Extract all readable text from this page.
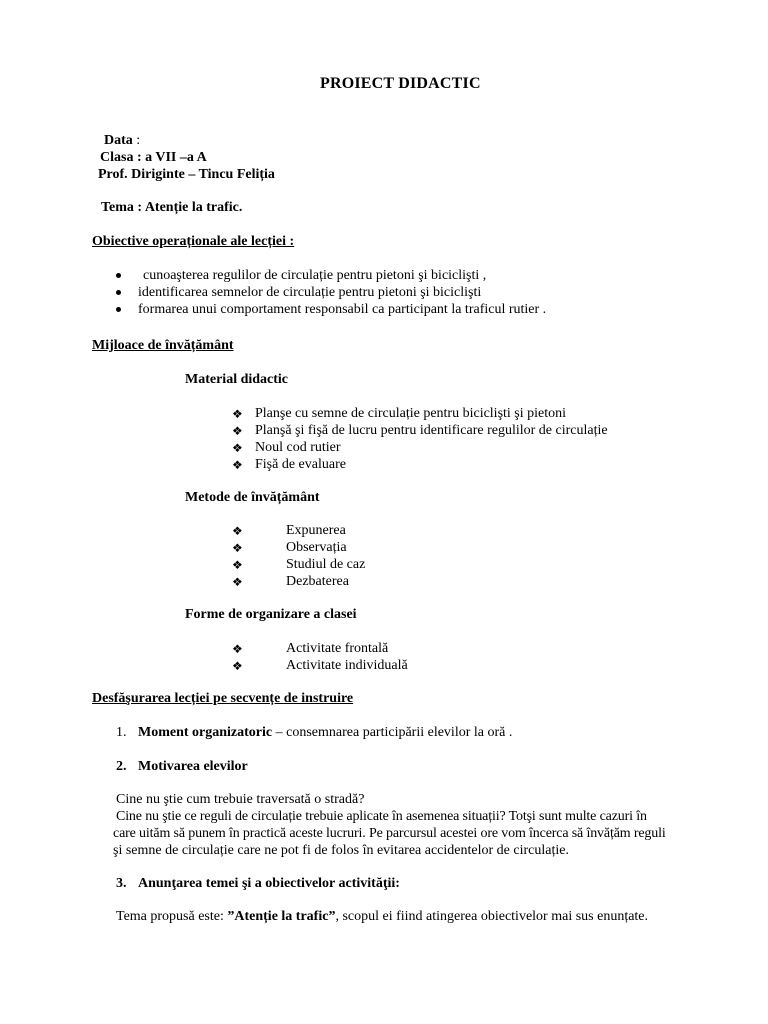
PROIECT DIDACTIC
Data :
Clasa : a VII –a A
Prof. Diriginte – Tincu Feliția
Tema : Atenție la trafic.
Obiective operaționale ale lecției :
cunoaşterea regulilor de circulație pentru pietoni şi biciclişti ,
identificarea semnelor de circulație pentru pietoni şi biciclişti
formarea unui comportament responsabil ca participant la traficul rutier .
Mijloace de învățământ
Material didactic
❖ Planşe cu semne de circulație pentru biciclişti şi pietoni
❖ Planşă şi fişă de lucru pentru identificare regulilor de circulație
❖ Noul cod rutier
❖ Fişă de evaluare
Metode de învățământ
❖	Expunerea
❖	Observația
❖	Studiul de caz
❖	Dezbaterea
Forme de organizare a clasei
❖	Activitate frontală
❖	Activitate individuală
Desfăşurarea lecției pe secvențe de instruire
1. Moment organizatoric – consemnarea participării elevilor la oră .
2. Motivarea elevilor
Cine nu ştie cum trebuie traversată o stradă?
Cine nu ştie ce reguli de circulație trebuie aplicate în asemenea situații? Totşi sunt multe cazuri în
care uităm să punem în practică aceste lucruri. Pe parcursul acestei ore vom încerca să învățăm reguli
şi semne de circulație care ne pot fi de folos în evitarea accidentelor de circulație.
3. Anunţarea temei şi a obiectivelor activităţii:
Tema propusă este: ”Atenție la trafic”, scopul ei fiind atingerea obiectivelor mai sus enunțate.
